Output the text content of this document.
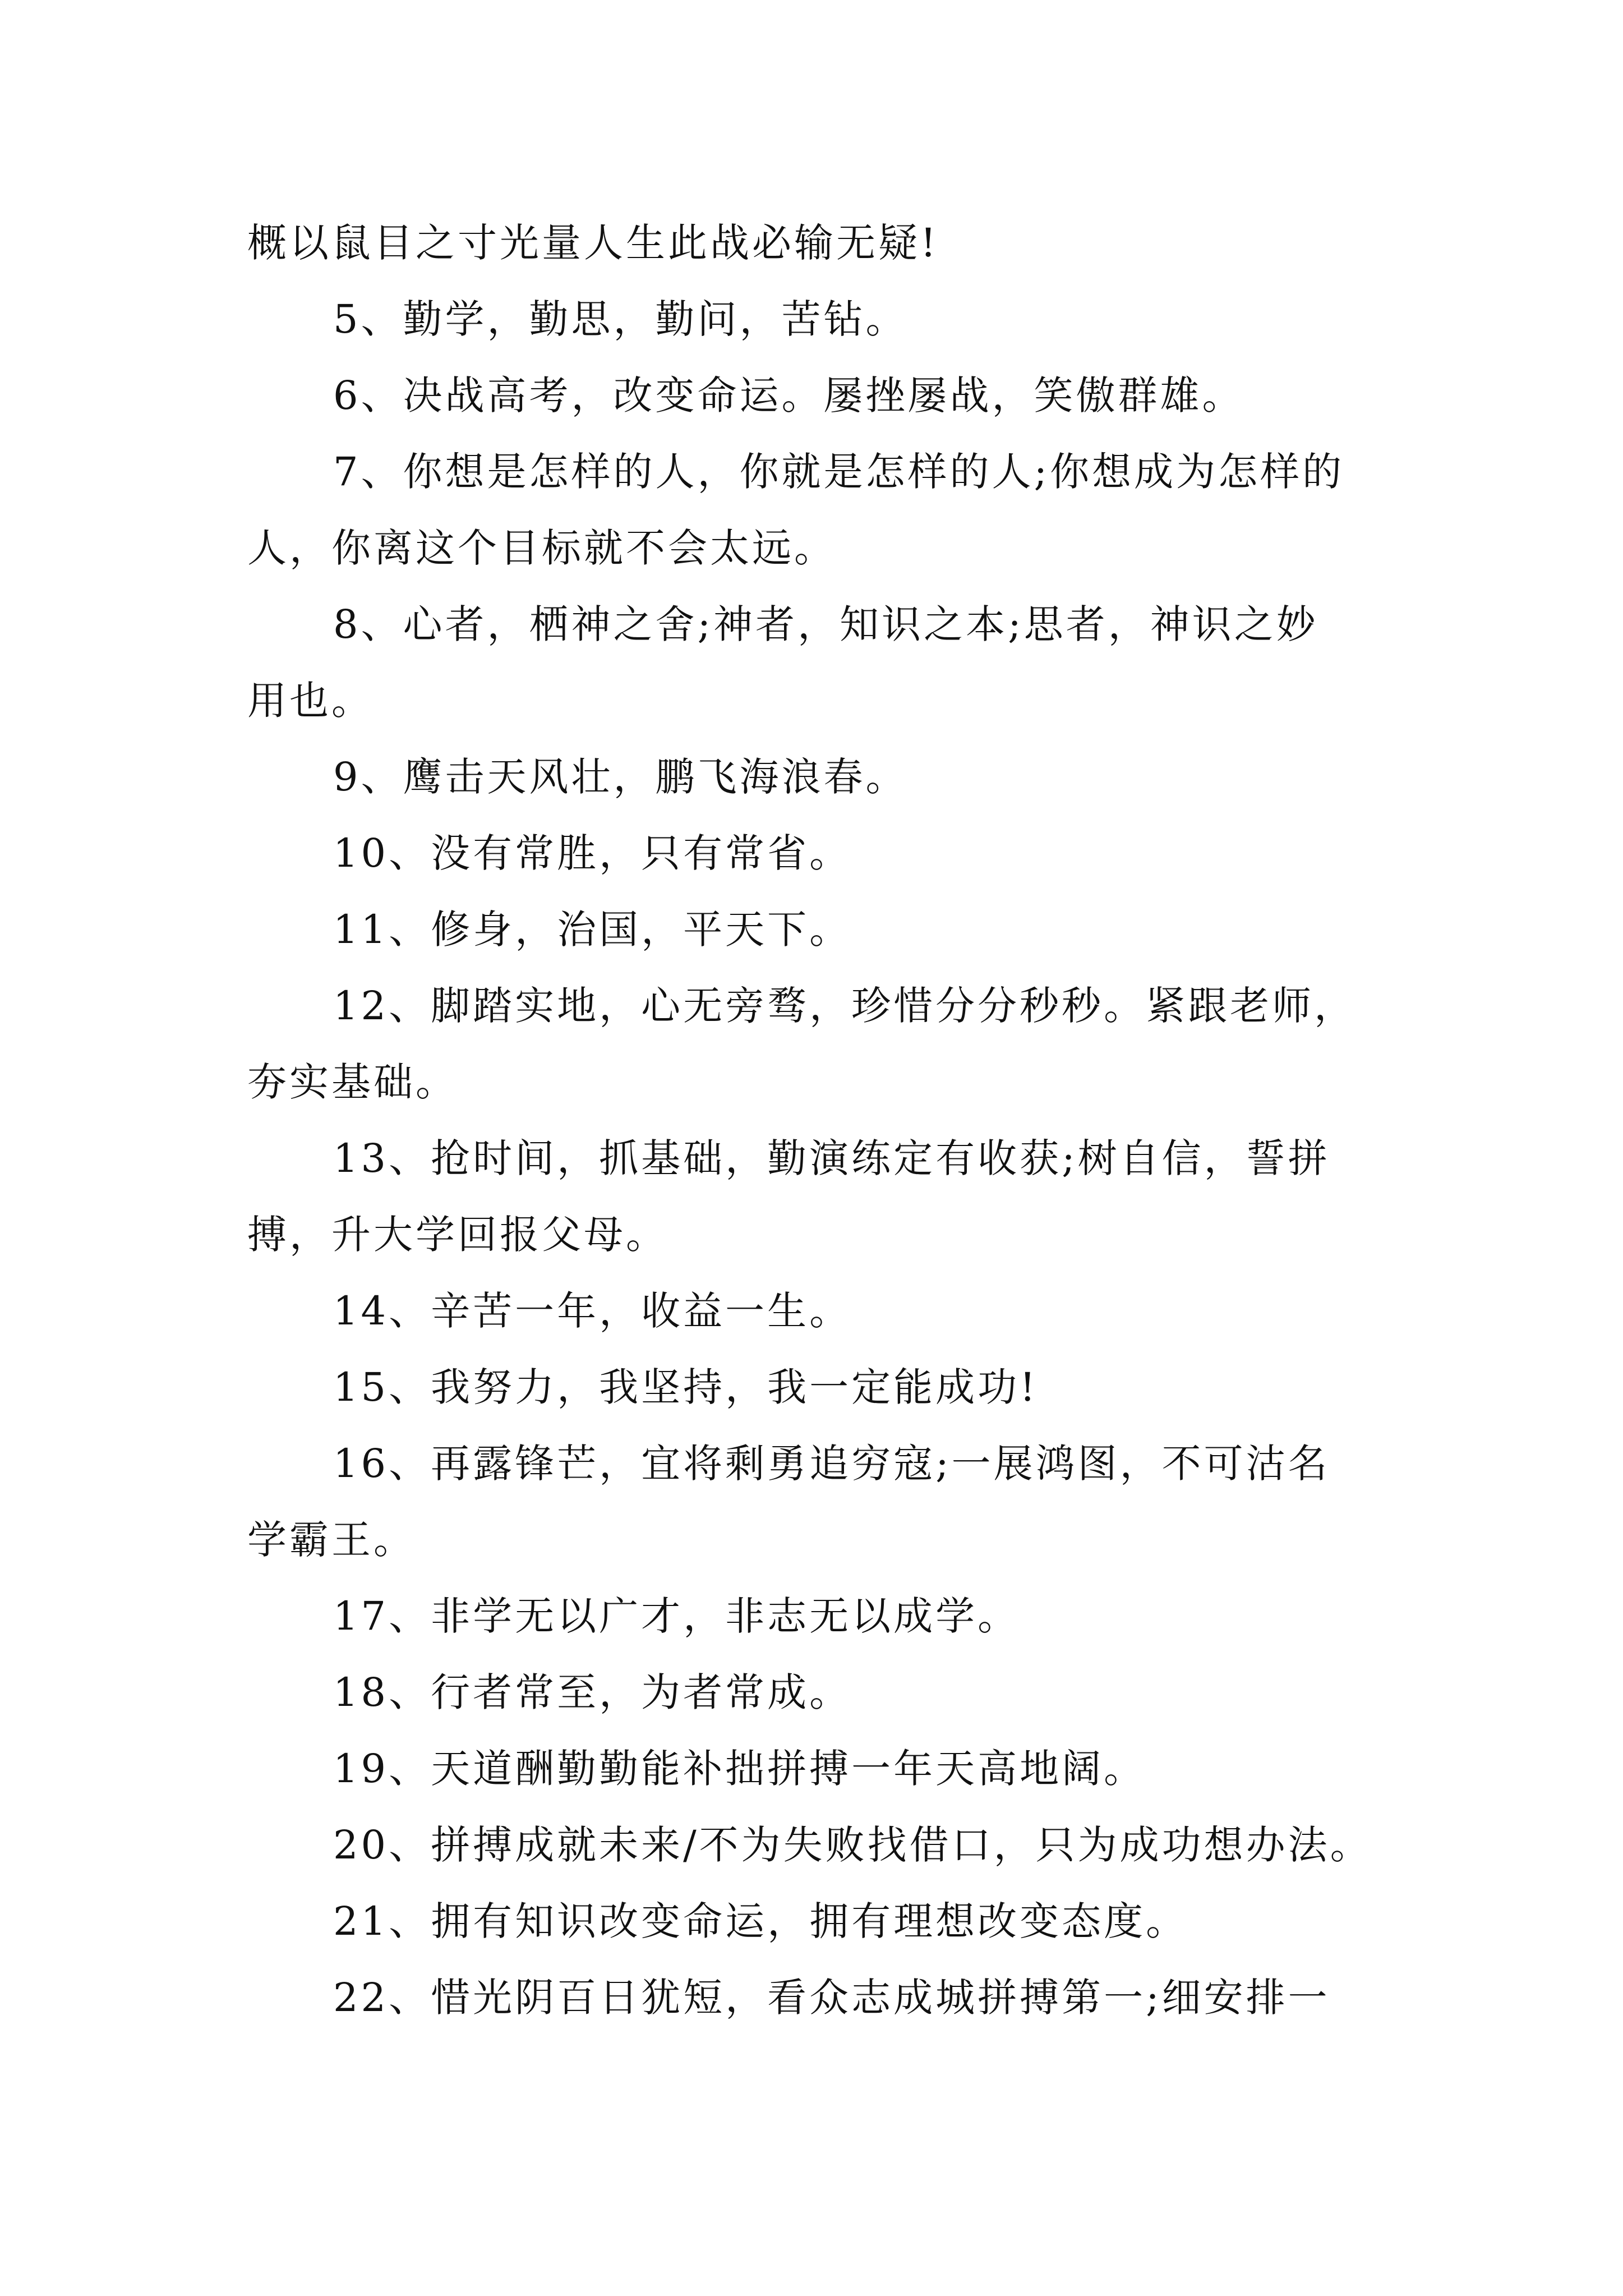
概以鼠目之寸光量人生此战必输无疑!
5、勤学，勤思，勤问，苦钻。
6、决战高考，改变命运。屡挫屡战，笑傲群雄。
7、你想是怎样的人，你就是怎样的人;你想成为怎样的
人，你离这个目标就不会太远。
8、心者，栖神之舍;神者，知识之本;思者，神识之妙
用也。
9、鹰击天风壮，鹏飞海浪春。
10、没有常胜，只有常省。
11、修身，治国，平天下。
12、脚踏实地，心无旁骛，珍惜分分秒秒。紧跟老师，
夯实基础。
13、抢时间，抓基础，勤演练定有收获;树自信，誓拼
搏，升大学回报父母。
14、辛苦一年，收益一生。
15、我努力，我坚持，我一定能成功!
16、再露锋芒，宜将剩勇追穷寇;一展鸿图，不可沽名
学霸王。
17、非学无以广才，非志无以成学。
18、行者常至，为者常成。
19、天道酬勤勤能补拙拼搏一年天高地阔。
20、拼搏成就未来/不为失败找借口，只为成功想办法。
21、拥有知识改变命运，拥有理想改变态度。
22、惜光阴百日犹短，看众志成城拼搏第一;细安排一
